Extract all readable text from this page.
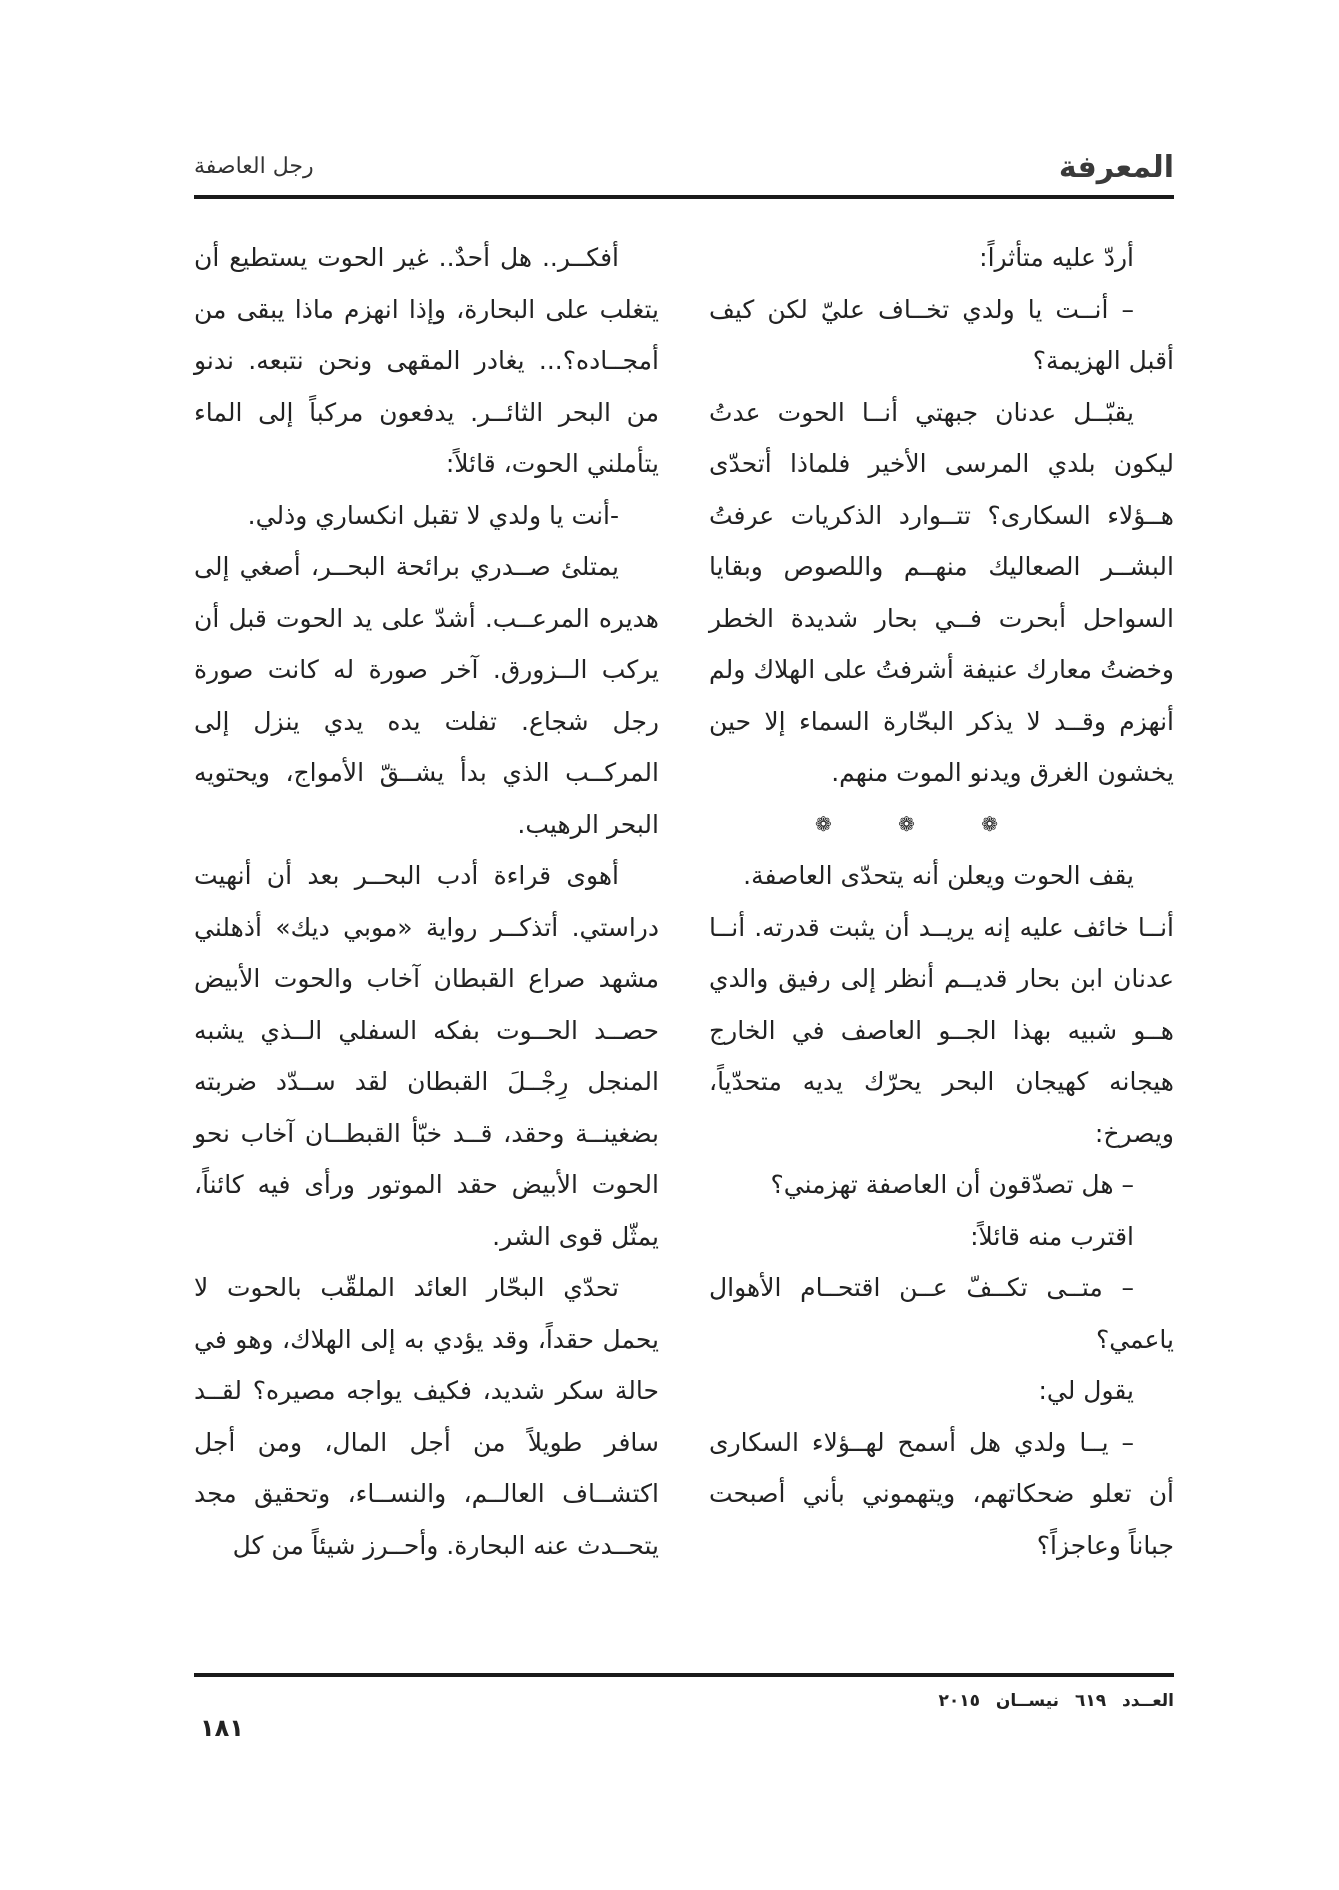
المعرفة
رجل العاصفة

أردّ عليه متأثراً:

– أنــت يا ولدي تخــاف عليّ لكن كيف أقبل الهزيمة؟

يقبّــل عدنان جبهتي أنــا الحوت عدتُ ليكون بلدي المرسى الأخير فلماذا أتحدّى هــؤلاء السكارى؟ تتــوارد الذكريات عرفتُ البشــر الصعاليك منهــم واللصوص وبقايا السواحل أبحرت فــي بحار شديدة الخطر وخضتُ معارك عنيفة أشرفتُ على الهلاك ولم أنهزم وقــد لا يذكر البحّارة السماء إلا حين يخشون الغرق ويدنو الموت منهم.

❁ ❁ ❁

يقف الحوت ويعلن أنه يتحدّى العاصفة.

أنــا خائف عليه إنه يريــد أن يثبت قدرته. أنــا عدنان ابن بحار قديــم أنظر إلى رفيق والدي هــو شبيه بهذا الجــو العاصف في الخارج هيجانه كهيجان البحر يحرّك يديه متحدّياً، ويصرخ:

– هل تصدّقون أن العاصفة تهزمني؟

اقترب منه قائلاً:

– متــى تكــفّ عــن اقتحــام الأهوال ياعمي؟

يقول لي:

– يــا ولدي هل أسمح لهــؤلاء السكارى أن تعلو ضحكاتهم، ويتهموني بأني أصبحت جباناً وعاجزاً؟

أفكــر.. هل أحدٌ.. غير الحوت يستطيع أن يتغلب على البحارة، وإذا انهزم ماذا يبقى من أمجــاده؟... يغادر المقهى ونحن نتبعه. ندنو من البحر الثائــر. يدفعون مركباً إلى الماء يتأملني الحوت، قائلاً:

-أنت يا ولدي لا تقبل انكساري وذلي.

يمتلئ صــدري برائحة البحــر، أصغي إلى هديره المرعــب. أشدّ على يد الحوت قبل أن يركب الــزورق. آخر صورة له كانت صورة رجل شجاع. تفلت يده يدي ينزل إلى المركــب الذي بدأ يشــقّ الأمواج، ويحتويه البحر الرهيب.

أهوى قراءة أدب البحــر بعد أن أنهيت دراستي. أتذكــر رواية «موبي ديك» أذهلني مشهد صراع القبطان آخاب والحوت الأبيض حصــد الحــوت بفكه السفلي الــذي يشبه المنجل رِجْــلَ القبطان لقد ســدّد ضربته بضغينــة وحقد، قــد خبّأ القبطــان آخاب نحو الحوت الأبيض حقد الموتور ورأى فيه كائناً، يمثّل قوى الشر.

تحدّي البحّار العائد الملقّب بالحوت لا يحمل حقداً، وقد يؤدي به إلى الهلاك، وهو في حالة سكر شديد، فكيف يواجه مصيره؟ لقــد سافر طويلاً من أجل المال، ومن أجل اكتشــاف العالــم، والنســاء، وتحقيق مجد يتحــدث عنه البحارة. وأحــرز شيئاً من كل

العــدد ٦١٩ نيســان ٢٠١٥
١٨١
